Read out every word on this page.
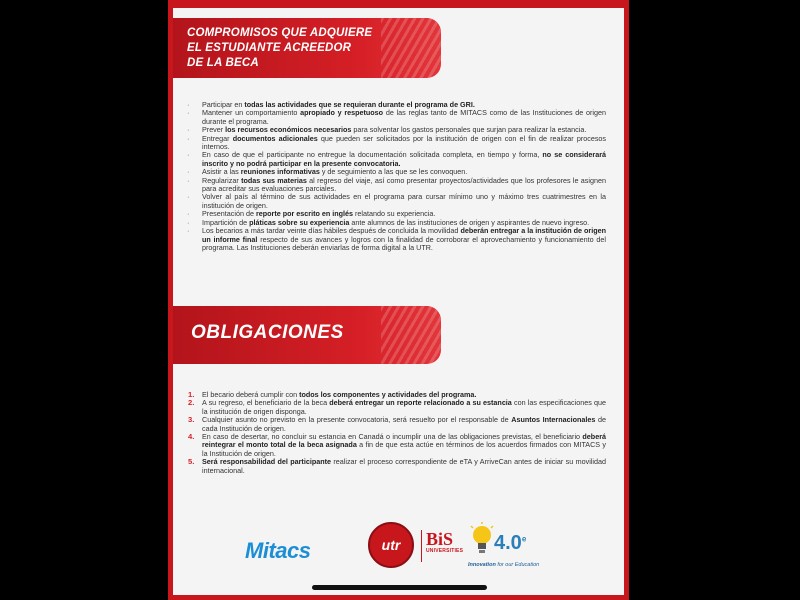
COMPROMISOS QUE ADQUIERE
EL ESTUDIANTE ACREEDOR
DE LA BECA
· Participar en todas las actividades que se requieran durante el programa de GRI.
· Mantener un comportamiento apropiado y respetuoso de las reglas tanto de MITACS como de las Instituciones de origen durante el programa.
· Prever los recursos económicos necesarios para solventar los gastos personales que surjan para realizar la estancia.
· Entregar documentos adicionales que pueden ser solicitados por la institución de origen con el fin de realizar procesos internos.
· En caso de que el participante no entregue la documentación solicitada completa, en tiempo y forma, no se considerará inscrito y no podrá participar en la presente convocatoria.
· Asistir a las reuniones informativas y de seguimiento a las que se les convoquen.
· Regularizar todas sus materias al regreso del viaje, así como presentar proyectos/actividades que los profesores le asignen para acreditar sus evaluaciones parciales.
· Volver al país al término de sus actividades en el programa para cursar mínimo uno y máximo tres cuatrimestres en la institución de origen.
· Presentación de reporte por escrito en inglés relatando su experiencia.
· Impartición de pláticas sobre su experiencia ante alumnos de las instituciones de origen y aspirantes de nuevo ingreso.
· Los becarios a más tardar veinte días hábiles después de concluida la movilidad deberán entregar a la institución de origen un informe final respecto de sus avances y logros con la finalidad de corroborar el aprovechamiento y funcionamiento del programa. Las Instituciones deberán enviarlas de forma digital a la UTR.
OBLIGACIONES
1. El becario deberá cumplir con todos los componentes y actividades del programa.
2. A su regreso, el beneficiario de la beca deberá entregar un reporte relacionado a su estancia con las especificaciones que la institución de origen disponga.
3. Cualquier asunto no previsto en la presente convocatoria, será resuelto por el responsable de Asuntos Internacionales de cada Institución de origen.
4. En caso de desertar, no concluir su estancia en Canadá o incumplir una de las obligaciones previstas, el beneficiario deberá reintegrar el monto total de la beca asignada a fin de que esta actúe en términos de los acuerdos firmados con MITACS y la Institución de origen.
5. Será responsabilidad del participante realizar el proceso correspondiente de eTA y ArriveCan antes de iniciar su movilidad internacional.
Mitacs	utr	BiS
UNIVERSITIES 4.0e
Innovation for our Education
